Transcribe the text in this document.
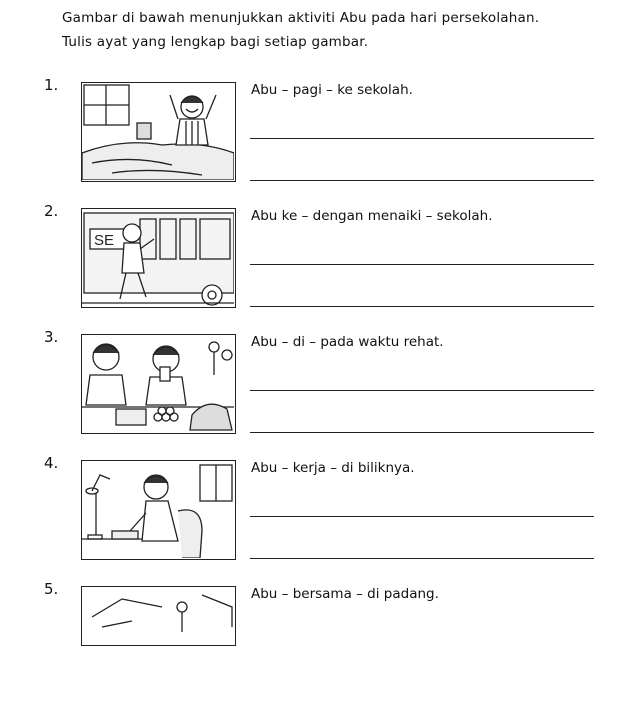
Gambar di bawah menunjukkan aktiviti Abu pada hari persekolahan.
Tulis ayat yang lengkap bagi setiap gambar.
1.	Abu – pagi – ke sekolah.
2.
SE
Abu ke – dengan menaiki – sekolah.
3.	Abu – di – pada waktu rehat.
4.	Abu – kerja – di biliknya.
5.	Abu – bersama – di padang.
